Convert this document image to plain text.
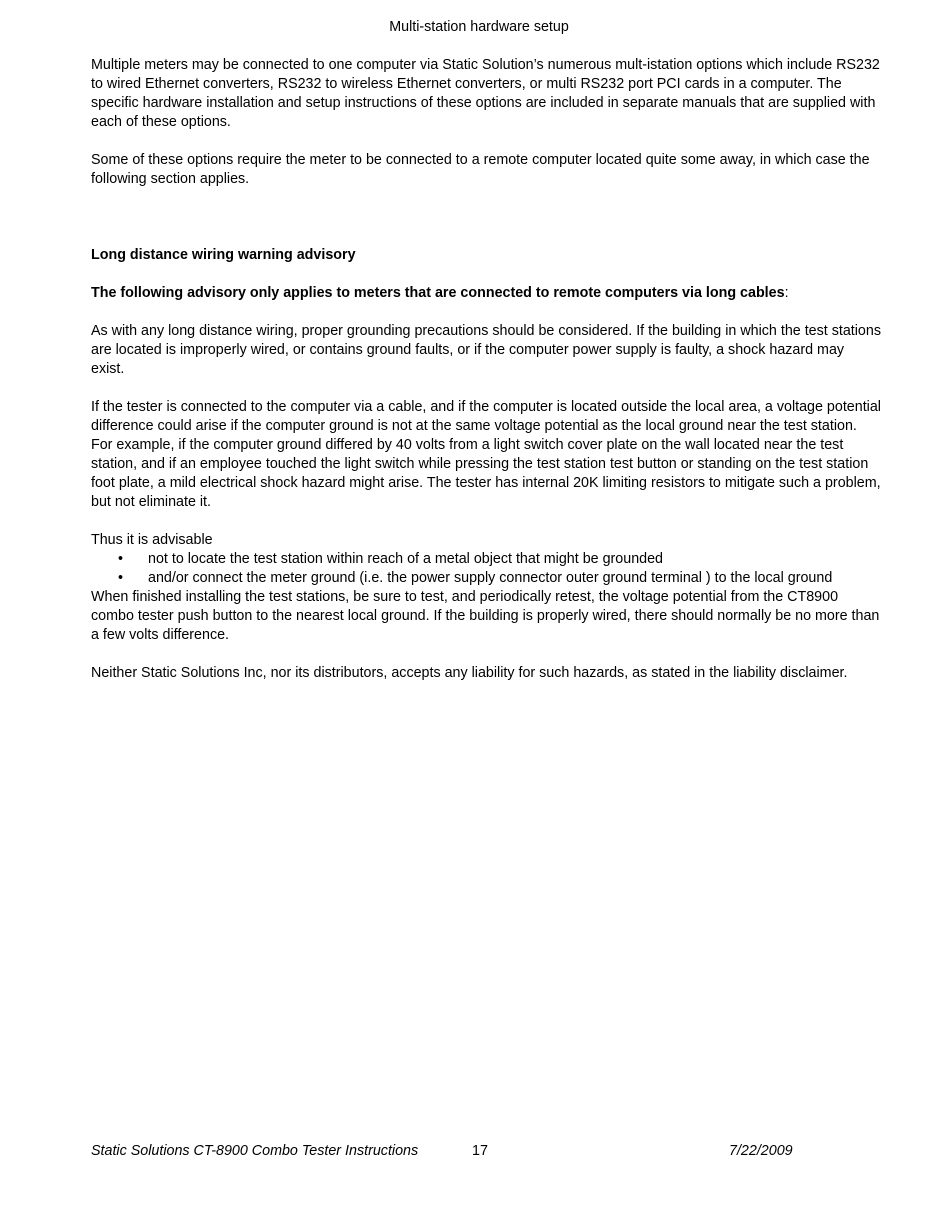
Multi-station hardware setup

Multiple meters may be connected to one computer via Static Solution’s numerous mult-istation options which include RS232 to wired Ethernet converters, RS232 to wireless Ethernet converters, or multi RS232 port PCI cards in a computer. The specific hardware installation and setup instructions of these options are included in separate manuals that are supplied with each of these options.

Some of these options require the meter to be connected to a remote computer located quite some away, in which case the following section applies.

Long distance wiring warning advisory

The following advisory only applies to meters that are connected to remote computers via long cables:

As with any long distance wiring, proper grounding precautions should be considered. If the building in which the test stations are located is improperly wired, or contains ground faults, or if the computer power supply is faulty, a shock hazard may exist.

If the tester is connected to the computer via a cable, and if the computer is located outside the local area, a voltage potential difference could arise if the computer ground is not at the same voltage potential as the local ground near the test station. For example, if the computer ground differed by 40 volts from a light switch cover plate on the wall located near the test station, and if an employee touched the light switch while pressing the test station test button or standing on the test station foot plate, a mild electrical shock hazard might arise. The tester has internal 20K limiting resistors to mitigate such a problem, but not eliminate it.

Thus it is advisable

• not to locate the test station within reach of a metal object that might be grounded
• and/or connect the meter ground (i.e. the power supply connector outer ground terminal ) to the local ground

When finished installing the test stations, be sure to test, and periodically retest, the voltage potential from the CT8900 combo tester push button to the nearest local ground. If the building is properly wired, there should normally be no more than a few volts difference.

Neither Static Solutions Inc, nor its distributors, accepts any liability for such hazards, as stated in the liability disclaimer.

Static Solutions CT-8900 Combo Tester Instructions	17	7/22/2009
